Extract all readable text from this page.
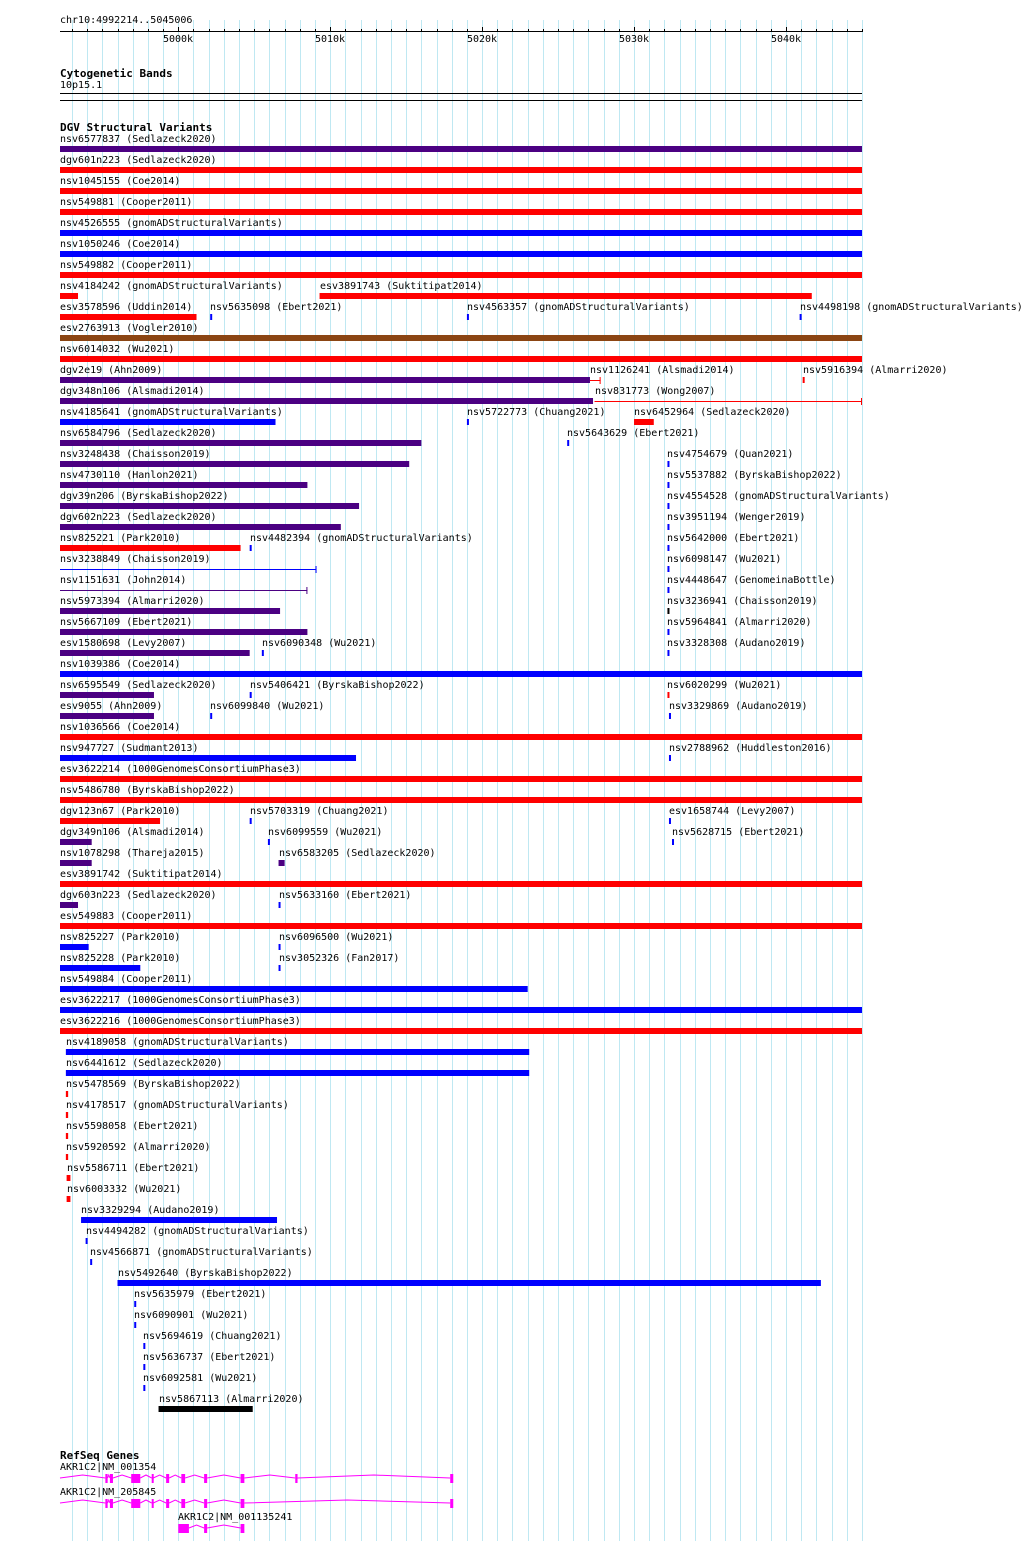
chr10:4992214..5045006
5000k	5010k	5020k	5030k	5040k
Cytogenetic Bands
10p15.1
DGV Structural Variants
nsv6577837 (Sedlazeck2020)
dgv601n223 (Sedlazeck2020)
nsv1045155 (Coe2014)
nsv549881 (Cooper2011)
nsv4526555 (gnomADStructuralVariants)
nsv1050246 (Coe2014)
nsv549882 (Cooper2011)
nsv4184242 (gnomADStructuralVariants)	esv3891743 (Suktitipat2014)
esv3578596 (Uddin2014) nsv5635098 (Ebert2021)	nsv4563357 (gnomADStructuralVariants)	nsv4498198 (gnomADStructuralVariants)
esv2763913 (Vogler2010)
nsv6014032 (Wu2021)
dgv2e19 (Ahn2009)	nsv1126241 (Alsmadi2014)	nsv5916394 (Almarri2020)
dgv348n106 (Alsmadi2014)	nsv831773 (Wong2007)
nsv4185641 (gnomADStructuralVariants)	nsv5722773 (Chuang2021)	nsv6452964 (Sedlazeck2020)
nsv6584796 (Sedlazeck2020)	nsv5643629 (Ebert2021)
nsv3248438 (Chaisson2019)	nsv4754679 (Quan2021)
nsv4730110 (Hanlon2021)	nsv5537882 (ByrskaBishop2022)
dgv39n206 (ByrskaBishop2022)	nsv4554528 (gnomADStructuralVariants)
dgv602n223 (Sedlazeck2020)	nsv3951194 (Wenger2019)
nsv825221 (Park2010)	nsv4482394 (gnomADStructuralVariants)	nsv5642000 (Ebert2021)
nsv3238849 (Chaisson2019)	nsv6098147 (Wu2021)
nsv1151631 (John2014)	nsv4448647 (GenomeinaBottle)
nsv5973394 (Almarri2020)	nsv3236941 (Chaisson2019)
nsv5667109 (Ebert2021)	nsv5964841 (Almarri2020)
esv1580698 (Levy2007)	nsv6090348 (Wu2021)	nsv3328308 (Audano2019)
nsv1039386 (Coe2014)
nsv6595549 (Sedlazeck2020)	nsv5406421 (ByrskaBishop2022)	nsv6020299 (Wu2021)
esv9055 (Ahn2009)	nsv6099840 (Wu2021)	nsv3329869 (Audano2019)
nsv1036566 (Coe2014)
nsv947727 (Sudmant2013)	nsv2788962 (Huddleston2016)
esv3622214 (1000GenomesConsortiumPhase3)
nsv5486780 (ByrskaBishop2022)
dgv123n67 (Park2010)	nsv5703319 (Chuang2021)	esv1658744 (Levy2007)
dgv349n106 (Alsmadi2014)	nsv6099559 (Wu2021)	nsv5628715 (Ebert2021)
nsv1078298 (Thareja2015)	nsv6583205 (Sedlazeck2020)
esv3891742 (Suktitipat2014)
dgv603n223 (Sedlazeck2020)	nsv5633160 (Ebert2021)
esv549883 (Cooper2011)
nsv825227 (Park2010)	nsv6096500 (Wu2021)
nsv825228 (Park2010)	nsv3052326 (Fan2017)
nsv549884 (Cooper2011)
esv3622217 (1000GenomesConsortiumPhase3)
esv3622216 (1000GenomesConsortiumPhase3)
nsv4189058 (gnomADStructuralVariants)
nsv6441612 (Sedlazeck2020)
nsv5478569 (ByrskaBishop2022)
nsv4178517 (gnomADStructuralVariants)
nsv5598058 (Ebert2021)
nsv5920592 (Almarri2020)
nsv5586711 (Ebert2021)
nsv6003332 (Wu2021)
nsv3329294 (Audano2019)
nsv4494282 (gnomADStructuralVariants)
nsv4566871 (gnomADStructuralVariants)
nsv5492640 (ByrskaBishop2022)
nsv5635979 (Ebert2021)
nsv6090901 (Wu2021)
nsv5694619 (Chuang2021)
nsv5636737 (Ebert2021)
nsv6092581 (Wu2021)
nsv5867113 (Almarri2020)
RefSeq Genes
AKR1C2|NM_001354
AKR1C2|NM_205845
AKR1C2|NM_001135241
